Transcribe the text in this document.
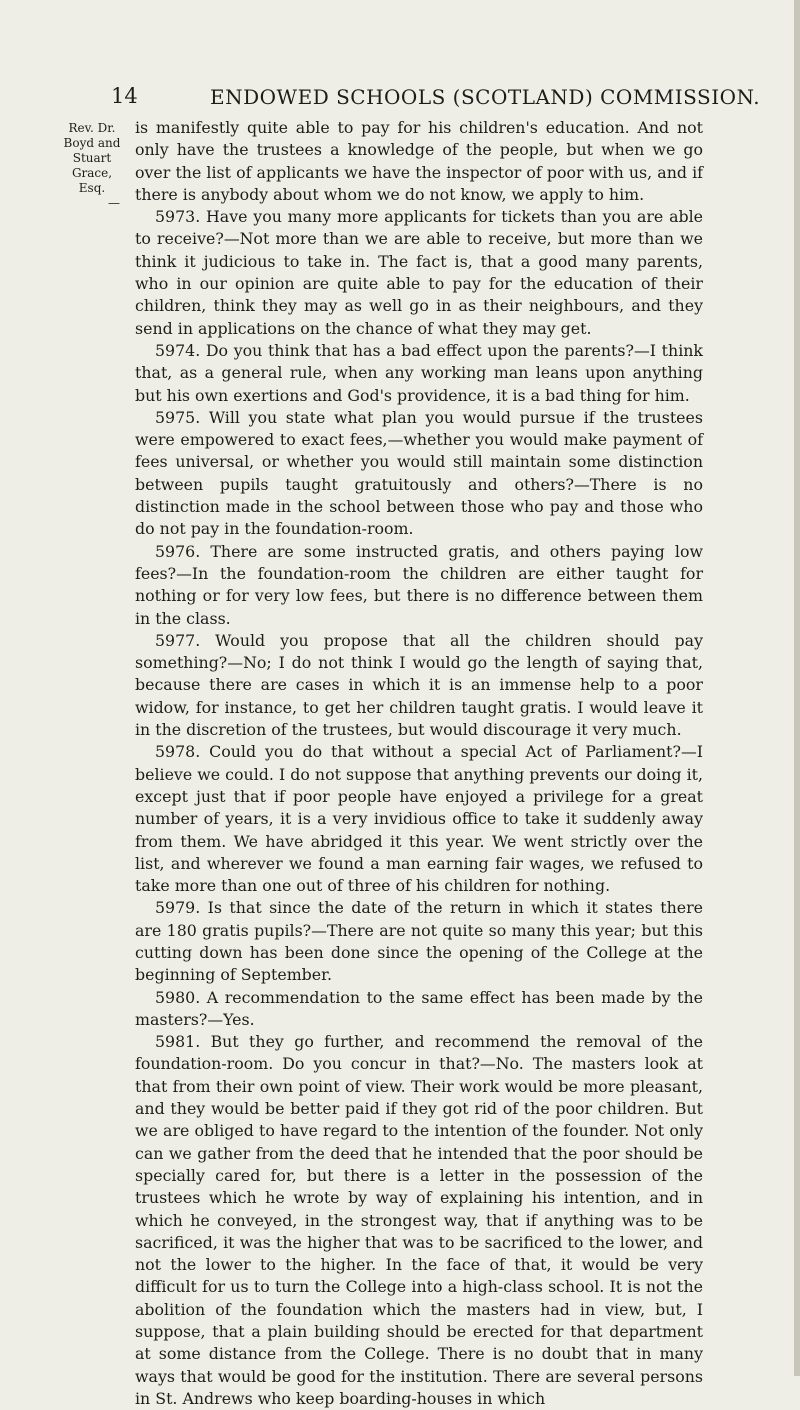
14	ENDOWED SCHOOLS (SCOTLAND) COMMISSION.
Rev. Dr.
Boyd and
Stuart
Grace, Esq.
—

is manifestly quite able to pay for his children's education. And not only have the trustees a knowledge of the people, but when we go over the list of applicants we have the inspector of poor with us, and if there is anybody about whom we do not know, we apply to him.

5973. Have you many more applicants for tickets than you are able to receive?—Not more than we are able to receive, but more than we think it judicious to take in. The fact is, that a good many parents, who in our opinion are quite able to pay for the education of their children, think they may as well go in as their neighbours, and they send in applications on the chance of what they may get.

5974. Do you think that has a bad effect upon the parents?—I think that, as a general rule, when any working man leans upon anything but his own exertions and God's providence, it is a bad thing for him.

5975. Will you state what plan you would pursue if the trustees were empowered to exact fees,—whether you would make payment of fees universal, or whether you would still maintain some distinction between pupils taught gratuitously and others?—There is no distinction made in the school between those who pay and those who do not pay in the foundation-room.

5976. There are some instructed gratis, and others paying low fees?—In the foundation-room the children are either taught for nothing or for very low fees, but there is no difference between them in the class.

5977. Would you propose that all the children should pay something?—No; I do not think I would go the length of saying that, because there are cases in which it is an immense help to a poor widow, for instance, to get her children taught gratis. I would leave it in the discretion of the trustees, but would discourage it very much.

5978. Could you do that without a special Act of Parliament?—I believe we could. I do not suppose that anything prevents our doing it, except just that if poor people have enjoyed a privilege for a great number of years, it is a very invidious office to take it suddenly away from them. We have abridged it this year. We went strictly over the list, and wherever we found a man earning fair wages, we refused to take more than one out of three of his children for nothing.

5979. Is that since the date of the return in which it states there are 180 gratis pupils?—There are not quite so many this year; but this cutting down has been done since the opening of the College at the beginning of September.

5980. A recommendation to the same effect has been made by the masters?—Yes.

5981. But they go further, and recommend the removal of the foundation-room. Do you concur in that?—No. The masters look at that from their own point of view. Their work would be more pleasant, and they would be better paid if they got rid of the poor children. But we are obliged to have regard to the intention of the founder. Not only can we gather from the deed that he intended that the poor should be specially cared for, but there is a letter in the possession of the trustees which he wrote by way of explaining his intention, and in which he conveyed, in the strongest way, that if anything was to be sacrificed, it was the higher that was to be sacrificed to the lower, and not the lower to the higher. In the face of that, it would be very difficult for us to turn the College into a high-class school. It is not the abolition of the foundation which the masters had in view, but, I suppose, that a plain building should be erected for that department at some distance from the College. There is no doubt that in many ways that would be good for the institution. There are several persons in St. Andrews who keep boarding-houses in which
